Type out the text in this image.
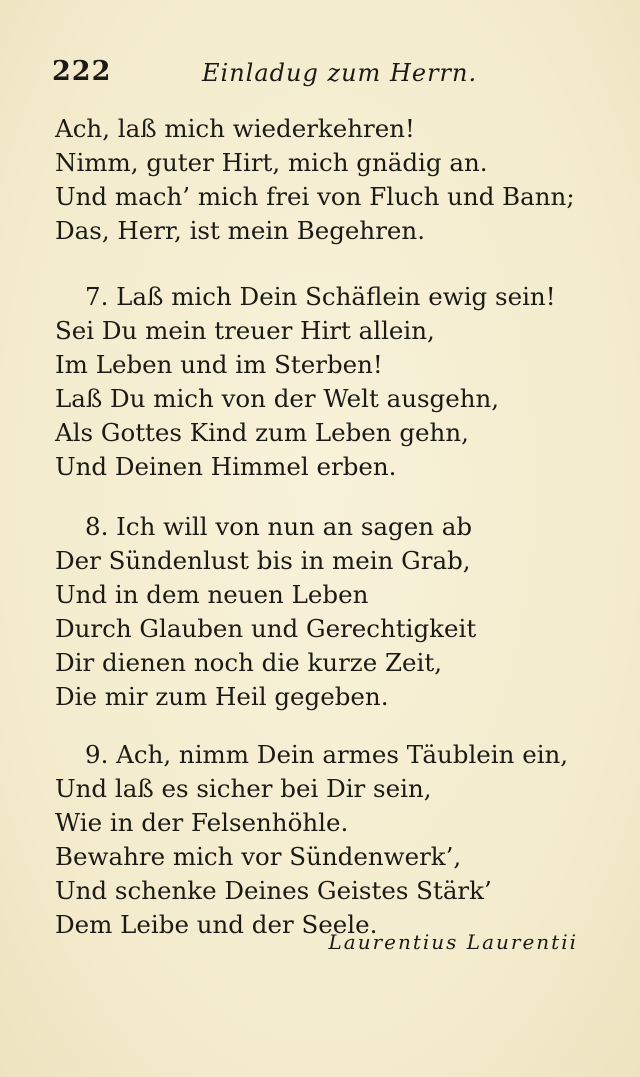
222	Einladug zum Herrn.
Ach, laß mich wiederkehren!
Nimm, guter Hirt, mich gnädig an.
Und mach’ mich frei von Fluch und Bann;
Das, Herr, ist mein Begehren.
7. Laß mich Dein Schäflein ewig sein!
Sei Du mein treuer Hirt allein,
Im Leben und im Sterben!
Laß Du mich von der Welt ausgehn,
Als Gottes Kind zum Leben gehn,
Und Deinen Himmel erben.
8. Ich will von nun an sagen ab
Der Sündenlust bis in mein Grab,
Und in dem neuen Leben
Durch Glauben und Gerechtigkeit
Dir dienen noch die kurze Zeit,
Die mir zum Heil gegeben.
9. Ach, nimm Dein armes Täublein ein,
Und laß es sicher bei Dir sein,
Wie in der Felsenhöhle.
Bewahre mich vor Sündenwerk’,
Und schenke Deines Geistes Stärk’
Dem Leibe und der Seele.
Laurentius Laurentii
